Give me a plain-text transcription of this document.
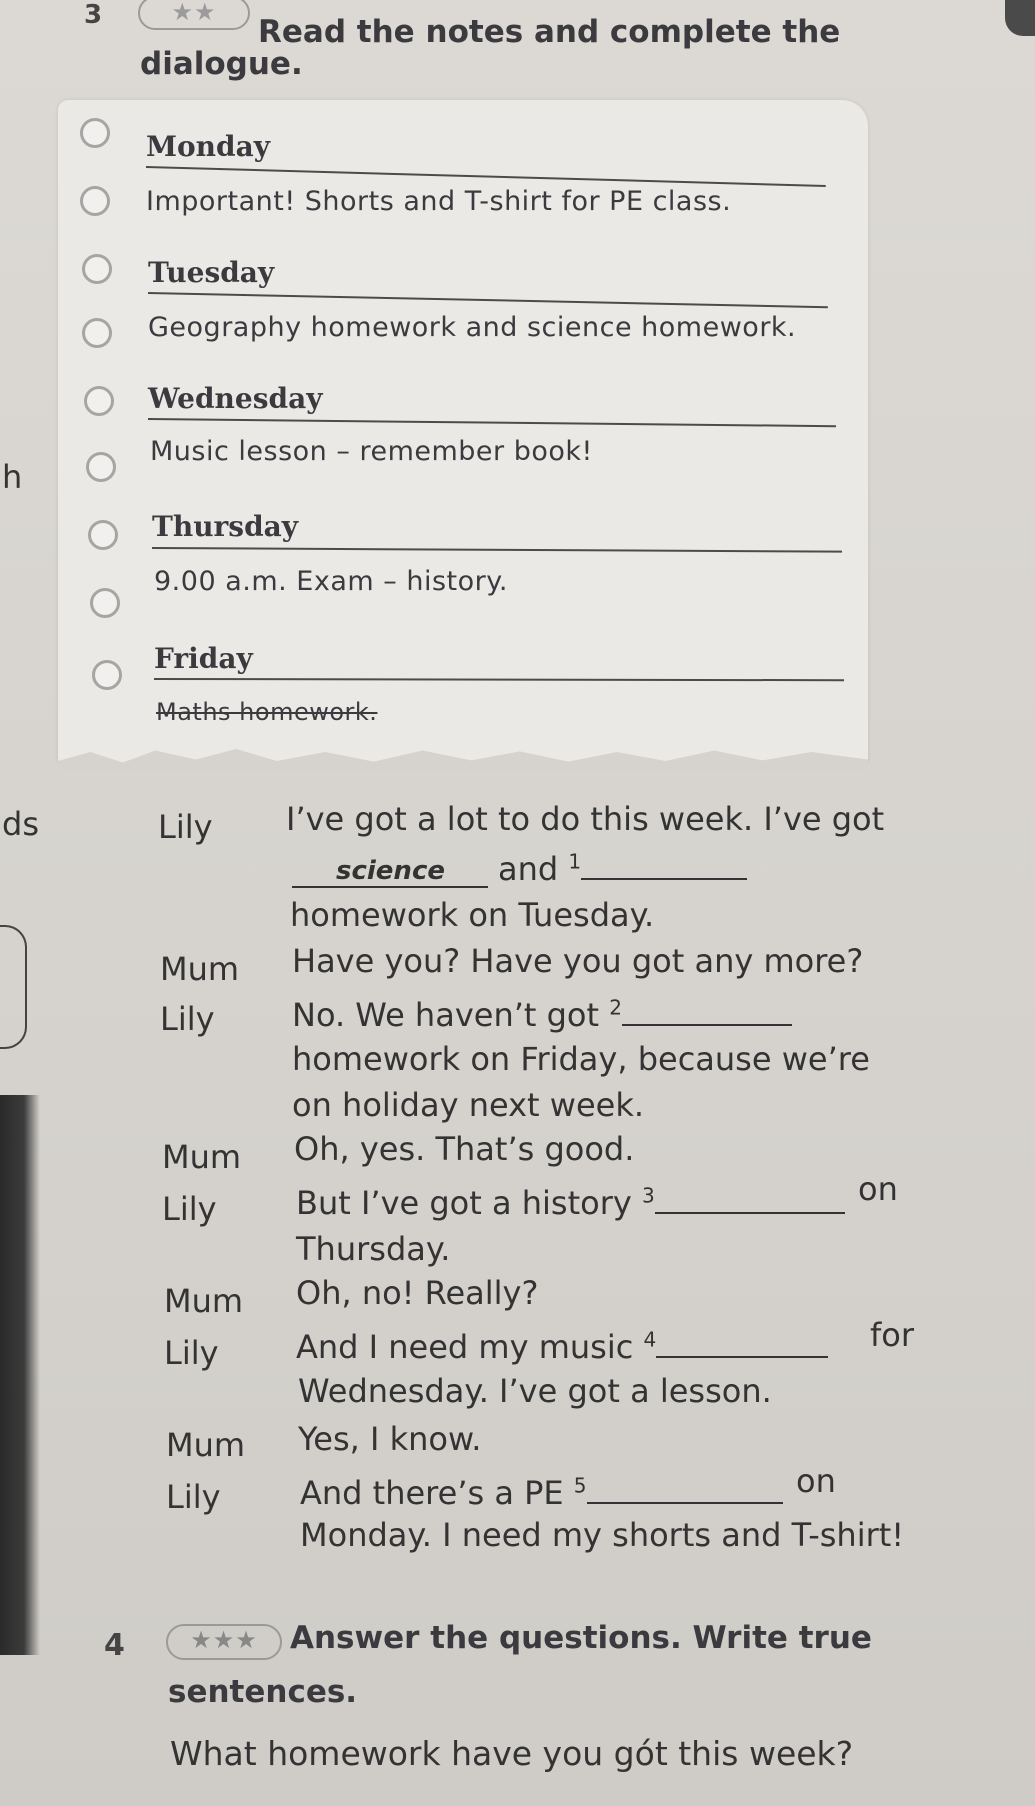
h
ds
3	★★
Read the notes and complete the
dialogue.
Monday
Important! Shorts and T-shirt for PE class.
Tuesday
Geography homework and science homework.
Wednesday
Music lesson – remember book!
Thursday
9.00 a.m. Exam – history.
Friday
Maths homework.
Lily I’ve got a lot to do this week. I’ve got
science and $^1$
homework on Tuesday.
Mum Have you? Have you got any more?
Lily No. We haven’t got $^2$
homework on Friday, because we’re
on holiday next week.
Mum Oh, yes. That’s good.
Lily But I’ve got a history $^3$	on
Thursday.
Mum Oh, no! Really?
Lily And I need my music $^4$	for
Wednesday. I’ve got a lesson.
Mum Yes, I know.
Lily And there’s a PE $^5$	on
Monday. I need my shorts and T-shirt!
4	★★★	Answer the questions. Write true
sentences.
What homework have you gót this week?
